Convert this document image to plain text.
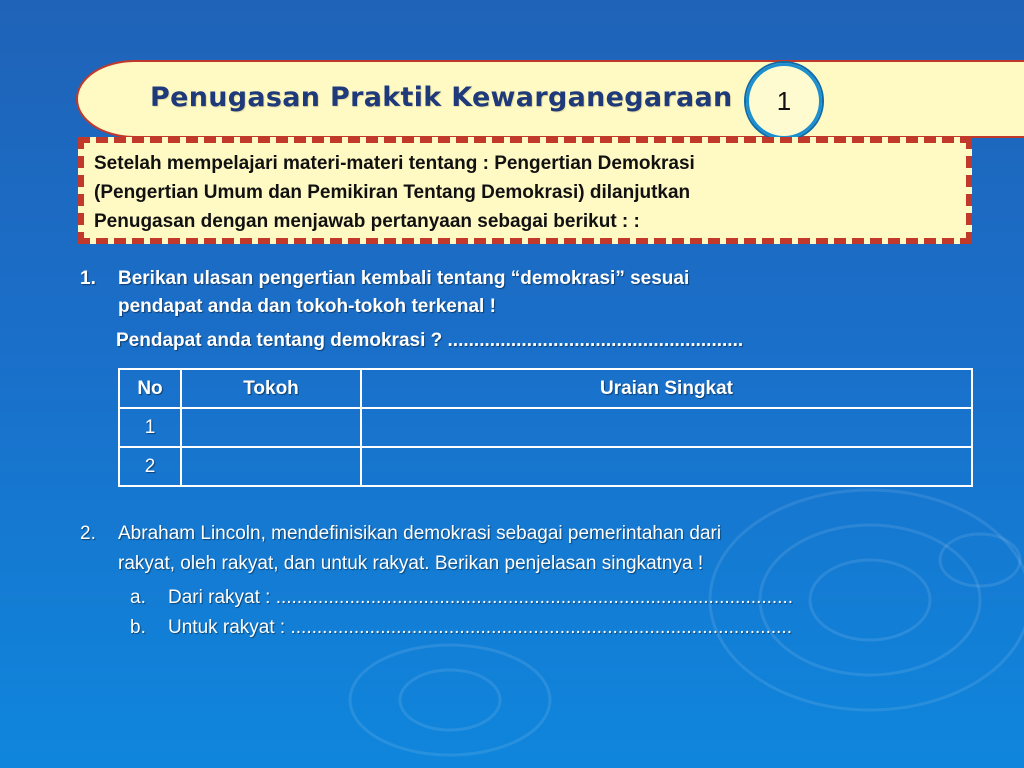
Penugasan Praktik Kewarganegaraan	1
Setelah mempelajari materi-materi tentang : Pengertian Demokrasi
(Pengertian Umum dan Pemikiran Tentang Demokrasi) dilanjutkan
Penugasan dengan menjawab pertanyaan sebagai berikut : :
1. Berikan ulasan pengertian kembali tentang “demokrasi” sesuai
pendapat anda dan tokoh-tokoh terkenal !
Pendapat anda tentang demokrasi ? ........................................................
No	Tokoh	Uraian Singkat
1		
2		
2. Abraham Lincoln, mendefinisikan demokrasi sebagai pemerintahan dari
rakyat, oleh rakyat, dan untuk rakyat. Berikan penjelasan singkatnya !
a. Dari rakyat : ..................................................................................................
b. Untuk rakyat : ...............................................................................................
